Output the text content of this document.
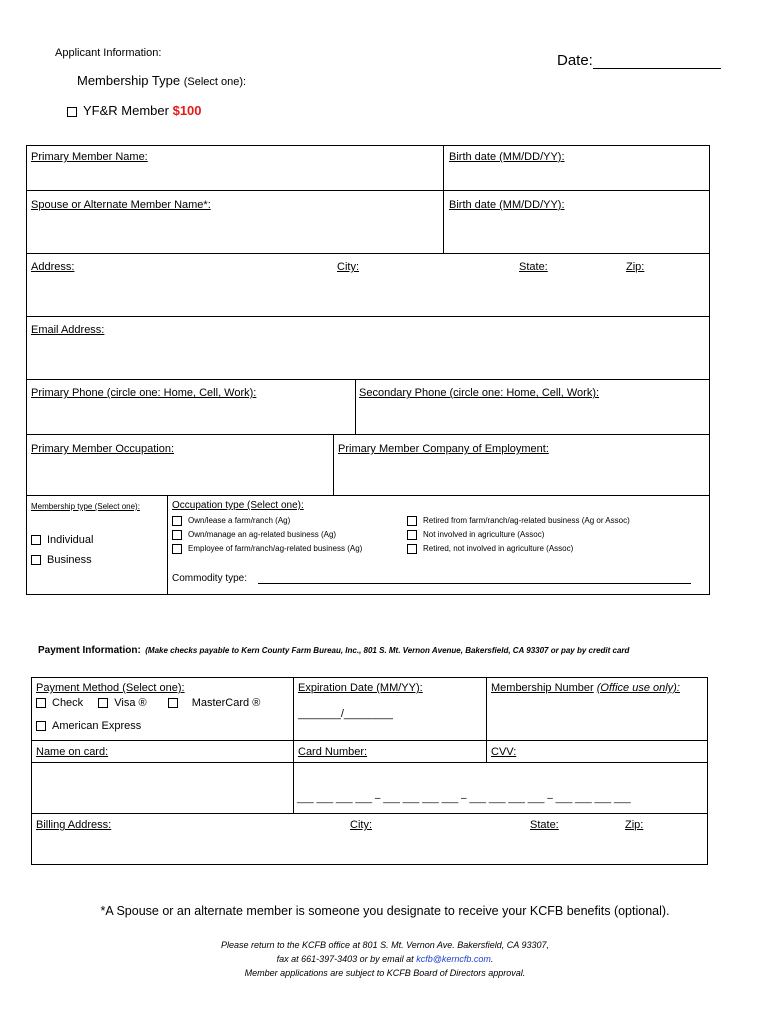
Applicant Information:	Date:
Membership Type (Select one):
YF&R Member $100
Primary Member Name:	Birth date (MM/DD/YY):
Spouse or Alternate Member Name*:	Birth date (MM/DD/YY):
Address:	City:	State:	Zip:
Email Address:
Primary Phone (circle one: Home, Cell, Work):	Secondary Phone (circle one: Home, Cell, Work):
Primary Member Occupation:	Primary Member Company of Employment:
Membership type (Select one):
Individual
Business
Occupation type (Select one):
Own/lease a farm/ranch (Ag)
Own/manage an ag-related business (Ag)
Employee of farm/ranch/ag-related business (Ag)
Retired from farm/ranch/ag-related business (Ag or Assoc)
Not involved in agriculture (Assoc)
Retired, not involved in agriculture (Assoc)
Commodity type:
Payment Information: (Make checks payable to Kern County Farm Bureau, Inc., 801 S. Mt. Vernon Avenue, Bakersfield, CA 93307 or pay by credit card
Payment Method (Select one):
Check	Visa ®	MasterCard ®
American Express
Expiration Date (MM/YY):
_______/________
Membership Number (Office use only):
Name on card:	Card Number:	CVV:
___ ___ ___ ___ – ___ ___ ___ ___ – ___ ___ ___ ___ – ___ ___ ___ ___
Billing Address:	City:	State:	Zip:
*A Spouse or an alternate member is someone you designate to receive your KCFB benefits (optional).
Please return to the KCFB office at 801 S. Mt. Vernon Ave. Bakersfield, CA 93307,
fax at 661-397-3403 or by email at kcfb@kerncfb.com.
Member applications are subject to KCFB Board of Directors approval.
